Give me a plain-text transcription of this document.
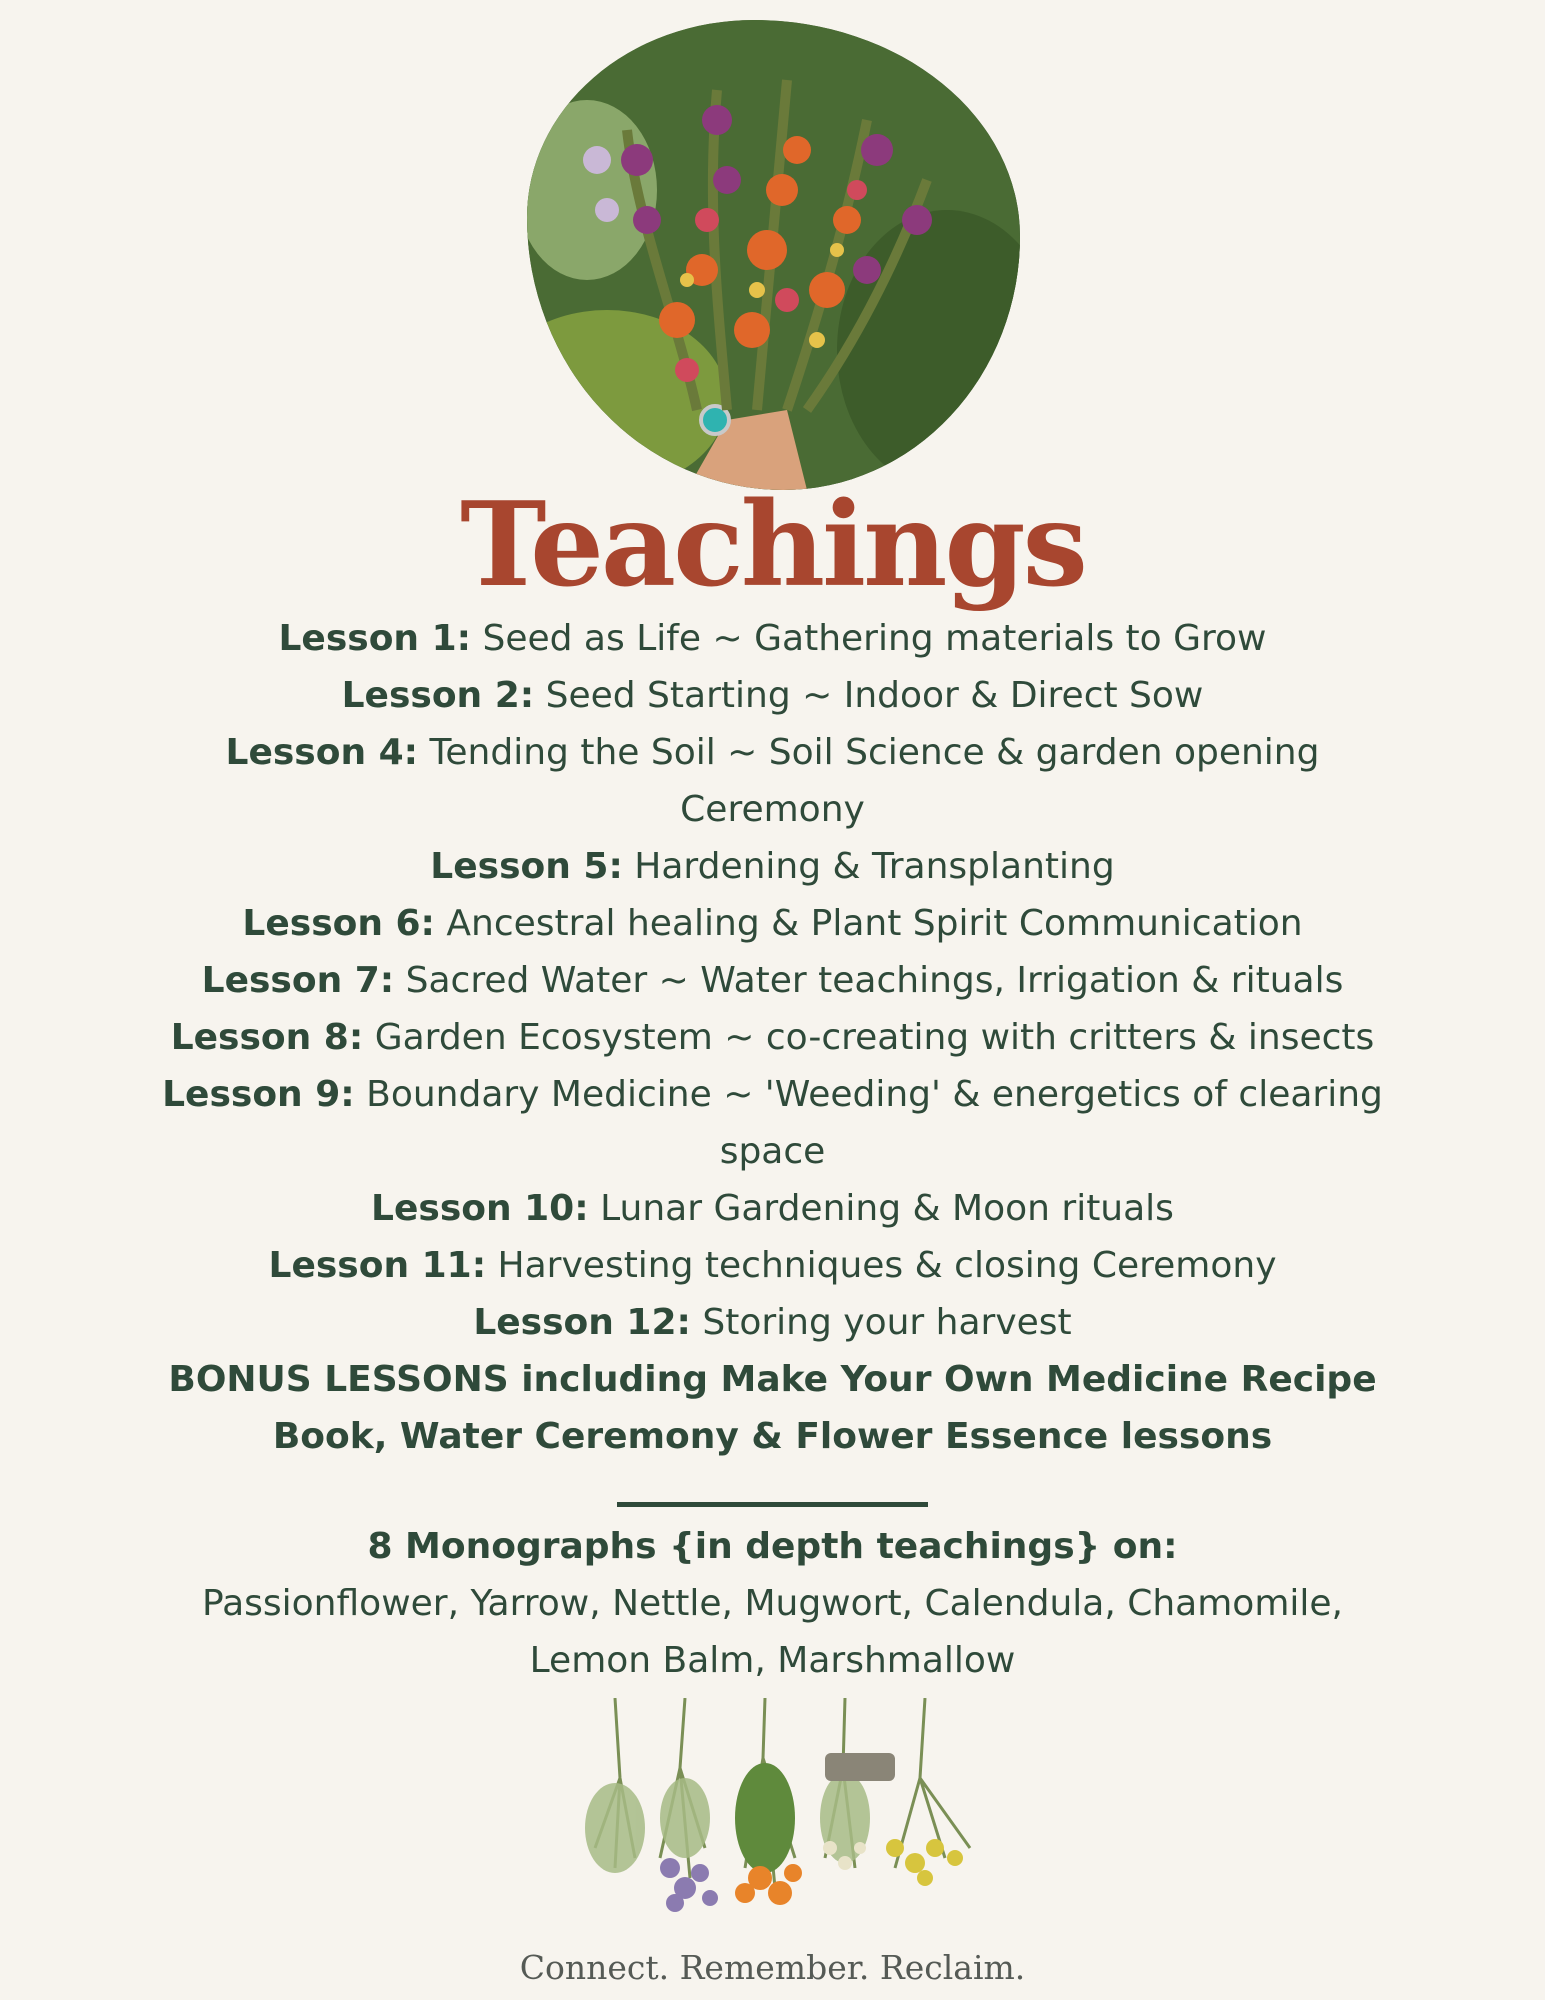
Teachings

Lesson 1: Seed as Life ~ Gathering materials to Grow

Lesson 2: Seed Starting ~ Indoor & Direct Sow

Lesson 4: Tending the Soil ~ Soil Science & garden opening Ceremony

Lesson 5: Hardening & Transplanting

Lesson 6: Ancestral healing & Plant Spirit Communication

Lesson 7: Sacred Water ~ Water teachings, Irrigation & rituals

Lesson 8: Garden Ecosystem ~ co-creating with critters & insects

Lesson 9: Boundary Medicine ~ 'Weeding' & energetics of clearing space

Lesson 10: Lunar Gardening & Moon rituals

Lesson 11: Harvesting techniques & closing Ceremony

Lesson 12: Storing your harvest

BONUS LESSONS including Make Your Own Medicine Recipe Book, Water Ceremony & Flower Essence lessons

8 Monographs {in depth teachings} on:

Passionflower, Yarrow, Nettle, Mugwort, Calendula, Chamomile, Lemon Balm, Marshmallow

Connect. Remember. Reclaim.
